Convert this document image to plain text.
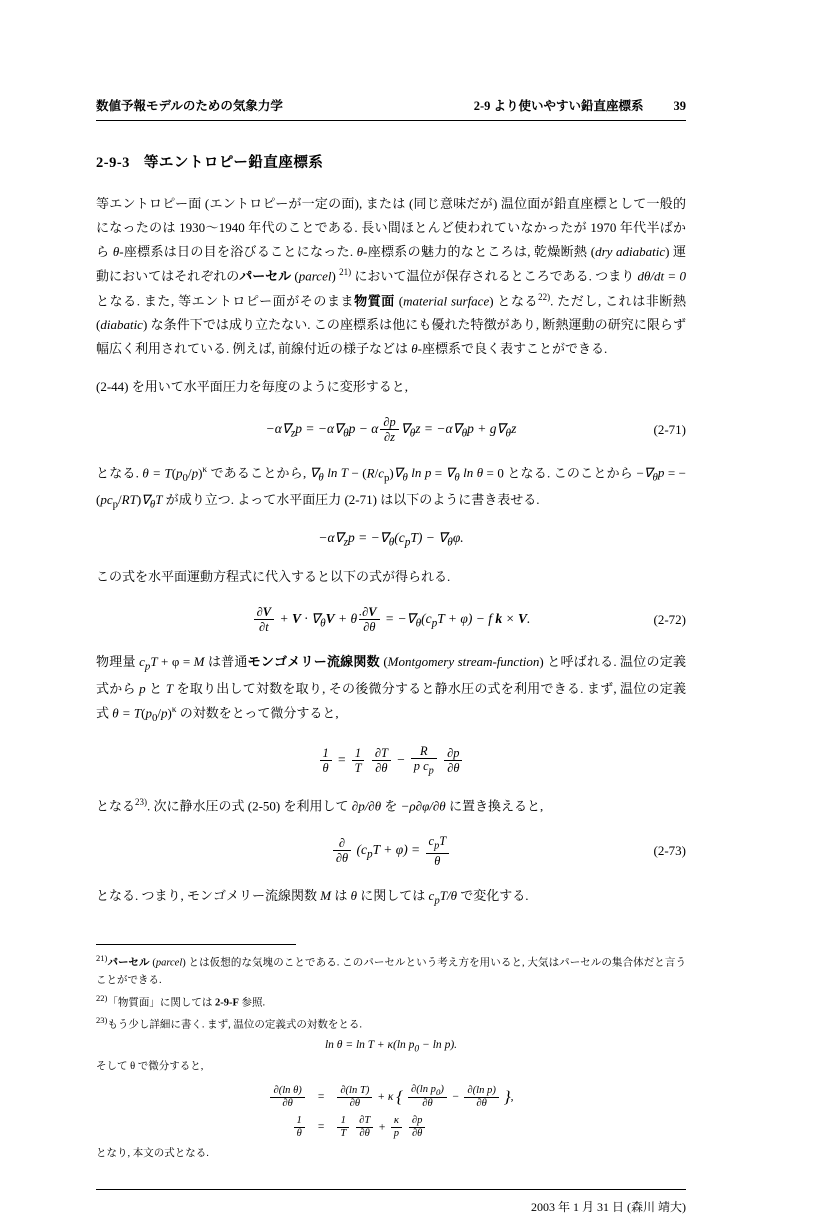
数値予報モデルのための気象力学	2-9 より使いやすい鉛直座標系 39
2-9-3 等エントロピー鉛直座標系

等エントロピー面 (エントロピーが一定の面), または (同じ意味だが) 温位面が鉛直座標として一般的になったのは 1930〜1940 年代のことである. 長い間ほとんど使われていなかったが 1970 年代半ばから θ-座標系は日の目を浴びることになった. θ-座標系の魅力的なところは, 乾燥断熱 (dry adiabatic) 運動においてはそれぞれのパーセル (parcel) $^{21)}$ において温位が保存されるところである. つまり dθ/dt = 0 となる. また, 等エントロピー面がそのまま物質面 (material surface) となる$^{22)}$. ただし, これは非断熱 (diabatic) な条件下では成り立たない. この座標系は他にも優れた特徴があり, 断熱運動の研究に限らず幅広く利用されている. 例えば, 前線付近の様子などは θ-座標系で良く表すことができる.

(2-44) を用いて水平面圧力を毎度のように変形すると,

$-\alpha\nabla_zp = -\alpha\nabla_\theta p - \alpha \frac{\partial p}{\partial z} \nabla_\theta z = -\alpha\nabla_\theta p + g\nabla_\theta z$	(2-71)

となる. $\theta = T(p_0/p)^\kappa$ であることから, $\nabla_\theta$ $\ln T - (R/c_p)\nabla_\theta$ $\ln p = \nabla_\theta$ ln θ = 0 となる. このことから $-\nabla_\theta p = -(pc_p/RT)\nabla_\theta T$ が成り立つ. よって水平面圧力 (2-71) は以下のように書き表せる.

$-\alpha\nabla_zp = -\nabla_\theta(c_pT) - \nabla_\theta\varphi$.

この式を水平面運動方程式に代入すると以下の式が得られる.

$\frac{\partial V}{\partial t} + V \cdot \nabla_\theta V$ + θ̇ $\frac{\partial V}{\partial\theta} = -\nabla_\theta(c_pT + \varphi) - f$ k × V.	(2-72)

物理量 $c_pT + \varphi = M$ は普通モンゴメリー流線関数 (Montgomery stream-function) と呼ばれる. 温位の定義式から p と T を取り出して対数を取り, その後微分すると静水圧の式を利用できる. まず, 温位の定義式 $\theta = T(p_0/p)^\kappa$ の対数をとって微分すると,

$\frac{1}{\theta} = \frac{1}{T}$
$\frac{\partial T}{\partial\theta} - \frac{R}{p c_p}$
$\frac{\partial p}{\partial\theta}$

となる$^{23)}$. 次に静水圧の式 (2-50) を利用して ∂p/∂θ を −ρ∂φ/∂θ に置き換えると,

$\frac{\partial}{\partial\theta} (c_pT + \varphi) = \frac{c_pT}{\theta}$	(2-73)

となる. つまり, モンゴメリー流線関数 M は θ に関しては $c_pT/\theta$ で変化する.

$^{21)}$パーセル (parcel) とは仮想的な気塊のことである. このパーセルという考え方を用いると, 大気はパーセルの集合体だと言うことができる.

$^{22)}$「物質面」に関しては 2-9-F 参照.

$^{23)}$もう少し詳細に書く. まず, 温位の定義式の対数をとる.

ln θ = ln T + κ(ln $p_0 - \ln p$).

そして θ で微分すると,

$\frac{\text{∂(ln θ)}}{\partial\theta}$	=	$\frac{\text{∂(ln T)}}{\partial\theta} + \kappa$ { $\frac{\partial(\ln p_0)}{\partial\theta} - \frac{\text{∂(ln p)}}{\partial\theta}$ },

$\frac{1}{\theta}$	=	$\frac{1}{T}$
$\frac{\partial T}{\partial\theta} + \frac{\kappa}{p}$
$\frac{\partial p}{\partial\theta}$

となり, 本文の式となる.

2003 年 1 月 31 日 (森川 靖大)
